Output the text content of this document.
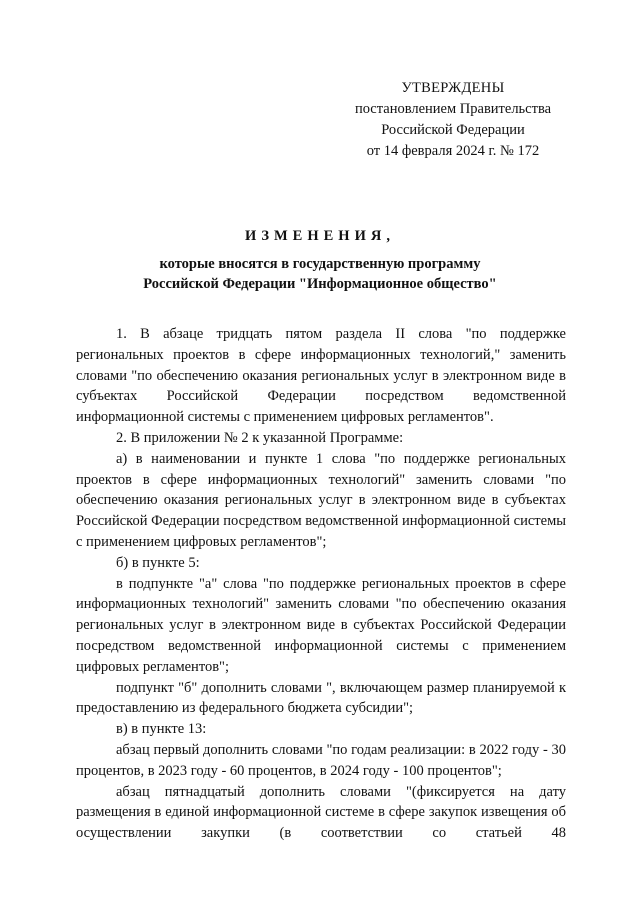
УТВЕРЖДЕНЫ
постановлением Правительства
Российской Федерации
от 14 февраля 2024 г. № 172
ИЗМЕНЕНИЯ,
которые вносятся в государственную программу
Российской Федерации "Информационное общество"

1. В абзаце тридцать пятом раздела II слова "по поддержке региональных проектов в сфере информационных технологий," заменить словами "по обеспечению оказания региональных услуг в электронном виде в субъектах Российской Федерации посредством ведомственной информационной системы с применением цифровых регламентов".

2. В приложении № 2 к указанной Программе:

а) в наименовании и пункте 1 слова "по поддержке региональных проектов в сфере информационных технологий" заменить словами "по обеспечению оказания региональных услуг в электронном виде в субъектах Российской Федерации посредством ведомственной информационной системы с применением цифровых регламентов";

б) в пункте 5:

в подпункте "а" слова "по поддержке региональных проектов в сфере информационных технологий" заменить словами "по обеспечению оказания региональных услуг в электронном виде в субъектах Российской Федерации посредством ведомственной информационной системы с применением цифровых регламентов";

подпункт "б" дополнить словами ", включающем размер планируемой к предоставлению из федерального бюджета субсидии";

в) в пункте 13:

абзац первый дополнить словами "по годам реализации: в 2022 году - 30 процентов, в 2023 году - 60 процентов, в 2024 году - 100 процентов";

абзац пятнадцатый дополнить словами "(фиксируется на дату размещения в единой информационной системе в сфере закупок извещения об осуществлении закупки (в соответствии со статьей 48
